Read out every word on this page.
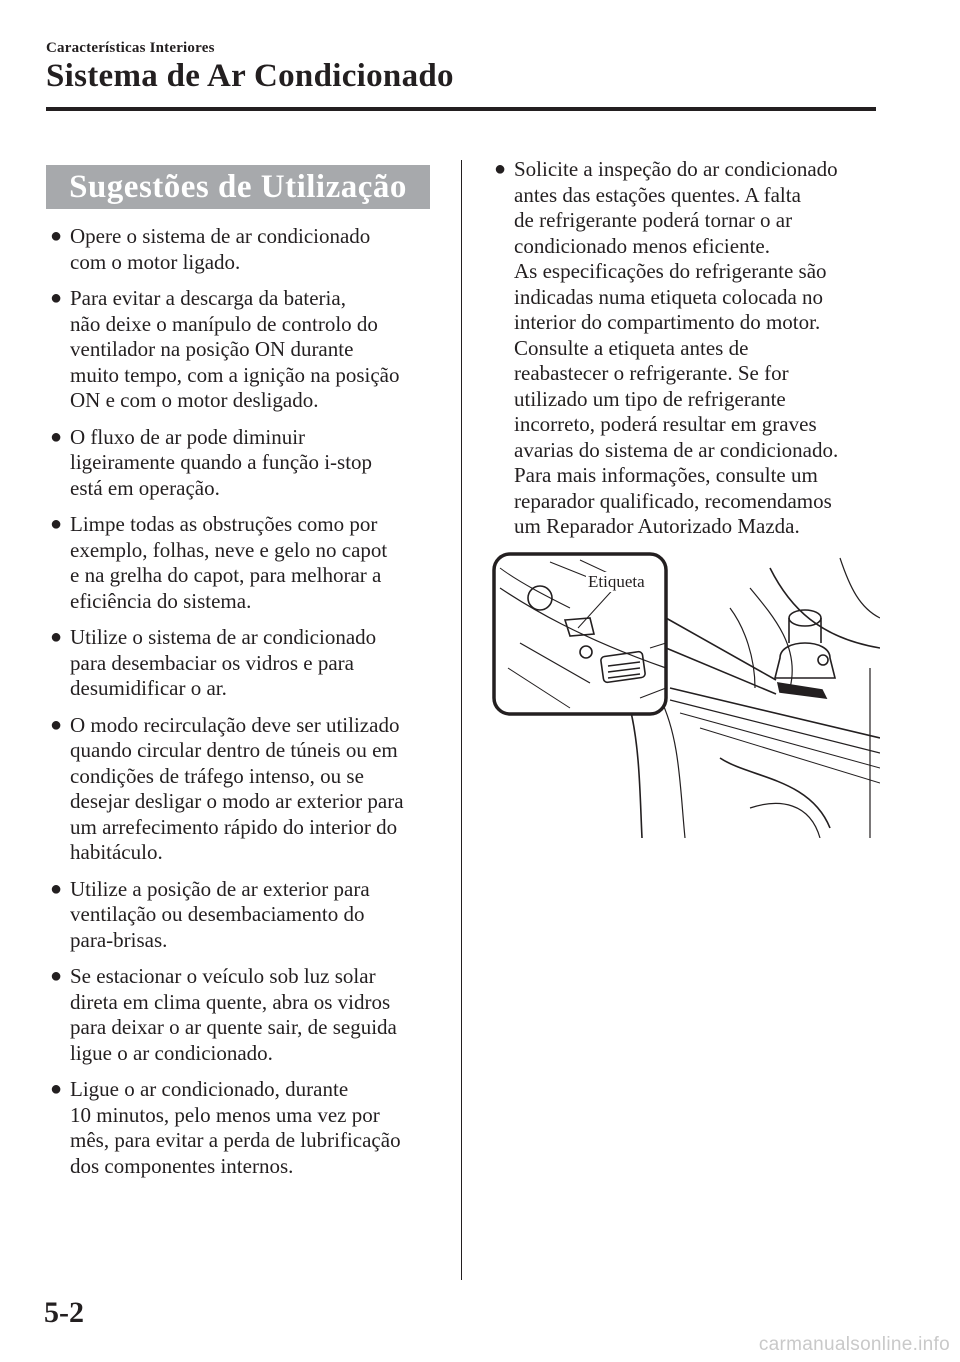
Características Interiores
Sistema de Ar Condicionado
Sugestões de Utilização
● Opere o sistema de ar condicionado
com o motor ligado.
● Para evitar a descarga da bateria,
não deixe o manípulo de controlo do
ventilador na posição ON durante
muito tempo, com a ignição na posição
ON e com o motor desligado.
● O fluxo de ar pode diminuir
ligeiramente quando a função i-stop
está em operação.
● Limpe todas as obstruções como por
exemplo, folhas, neve e gelo no capot
e na grelha do capot, para melhorar a
eficiência do sistema.
● Utilize o sistema de ar condicionado
para desembaciar os vidros e para
desumidificar o ar.
● O modo recirculação deve ser utilizado
quando circular dentro de túneis ou em
condições de tráfego intenso, ou se
desejar desligar o modo ar exterior para
um arrefecimento rápido do interior do
habitáculo.
● Utilize a posição de ar exterior para
ventilação ou desembaciamento do
para-brisas.
● Se estacionar o veículo sob luz solar
direta em clima quente, abra os vidros
para deixar o ar quente sair, de seguida
ligue o ar condicionado.
● Ligue o ar condicionado, durante
10 minutos, pelo menos uma vez por
mês, para evitar a perda de lubrificação
dos componentes internos.
● Solicite a inspeção do ar condicionado
antes das estações quentes. A falta
de refrigerante poderá tornar o ar
condicionado menos eficiente.
As especificações do refrigerante são
indicadas numa etiqueta colocada no
interior do compartimento do motor.
Consulte a etiqueta antes de
reabastecer o refrigerante. Se for
utilizado um tipo de refrigerante
incorreto, poderá resultar em graves
avarias do sistema de ar condicionado.
Para mais informações, consulte um
reparador qualificado, recomendamos
um Reparador Autorizado Mazda.
Etiqueta
5-2
carmanualsonline.info
